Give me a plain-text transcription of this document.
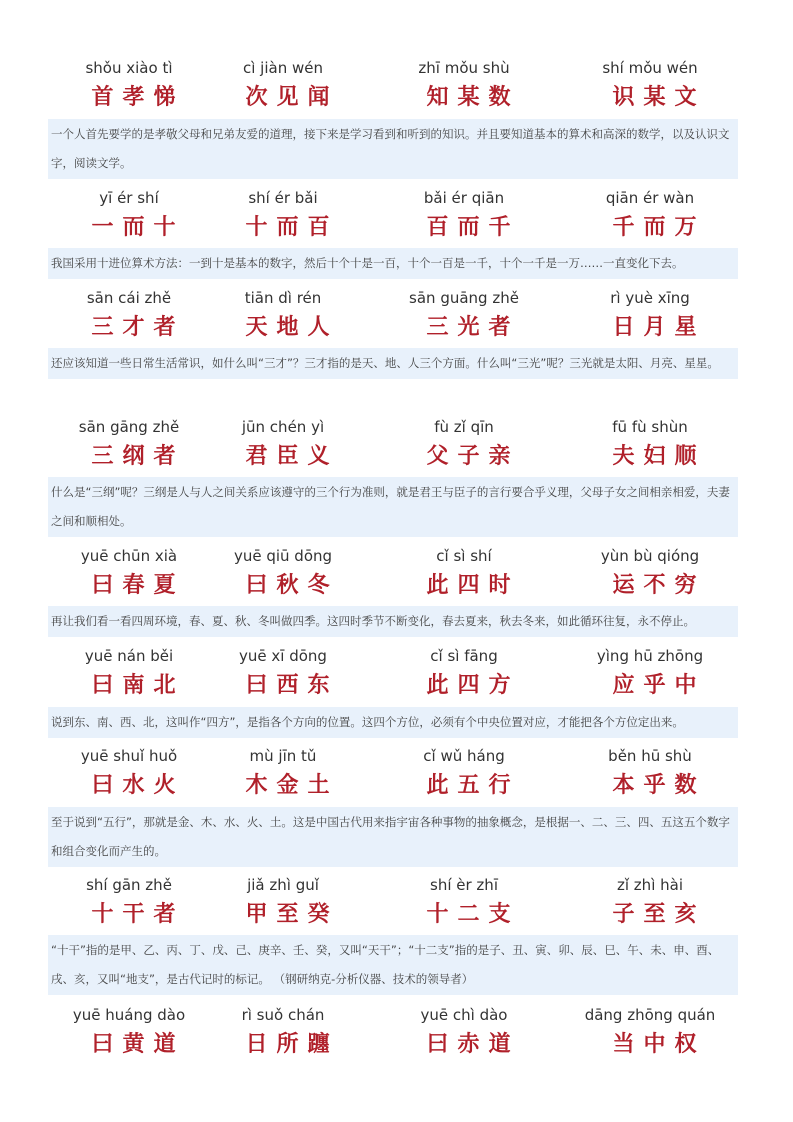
shǒu xiào tì	cì jiàn wén	zhī mǒu shù	shí mǒu wén
首孝悌	次见闻	知某数	识某文
一个人首先要学的是孝敬父母和兄弟友爱的道理，接下来是学习看到和听到的知识。并且要知道基本的算术和高深的数学，以及认识文字，阅读文学。
yī ér shí	shí ér bǎi	bǎi ér qiān	qiān ér wàn
一而十	十而百	百而千	千而万
我国采用十进位算术方法：一到十是基本的数字，然后十个十是一百，十个一百是一千，十个一千是一万……一直变化下去。
sān cái zhě	tiān dì rén	sān guāng zhě	rì yuè xīng
三才者	天地人	三光者	日月星
还应该知道一些日常生活常识，如什么叫“三才”？三才指的是天、地、人三个方面。什么叫“三光”呢？三光就是太阳、月亮、星星。
sān gāng zhě	jūn chén yì	fù zǐ qīn	fū fù shùn
三纲者	君臣义	父子亲	夫妇顺
什么是“三纲”呢？三纲是人与人之间关系应该遵守的三个行为准则，就是君王与臣子的言行要合乎义理，父母子女之间相亲相爱，夫妻之间和顺相处。
yuē chūn xià	yuē qiū dōng	cǐ sì shí	yùn bù qióng
曰春夏	曰秋冬	此四时	运不穷
再让我们看一看四周环境，春、夏、秋、冬叫做四季。这四时季节不断变化，春去夏来，秋去冬来，如此循环往复，永不停止。
yuē nán běi	yuē xī dōng	cǐ sì fāng	yìng hū zhōng
曰南北	曰西东	此四方	应乎中
说到东、南、西、北，这叫作“四方”，是指各个方向的位置。这四个方位，必须有个中央位置对应，才能把各个方位定出来。
yuē shuǐ huǒ	mù jīn tǔ	cǐ wǔ háng	běn hū shù
曰水火	木金土	此五行	本乎数
至于说到“五行”，那就是金、木、水、火、土。这是中国古代用来指宇宙各种事物的抽象概念，是根据一、二、三、四、五这五个数字和组合变化而产生的。
shí gān zhě	jiǎ zhì guǐ	shí èr zhī	zǐ zhì hài
十干者	甲至癸	十二支	子至亥
“十干”指的是甲、乙、丙、丁、戊、己、庚辛、壬、癸，又叫“天干”；“十二支”指的是子、丑、寅、卯、辰、巳、午、未、申、酉、戌、亥，又叫“地支”，是古代记时的标记。 （钢研纳克-分析仪器、技术的领导者）
yuē huáng dào	rì suǒ chán	yuē chì dào	dāng zhōng quán
曰黄道	日所躔	曰赤道	当中权
